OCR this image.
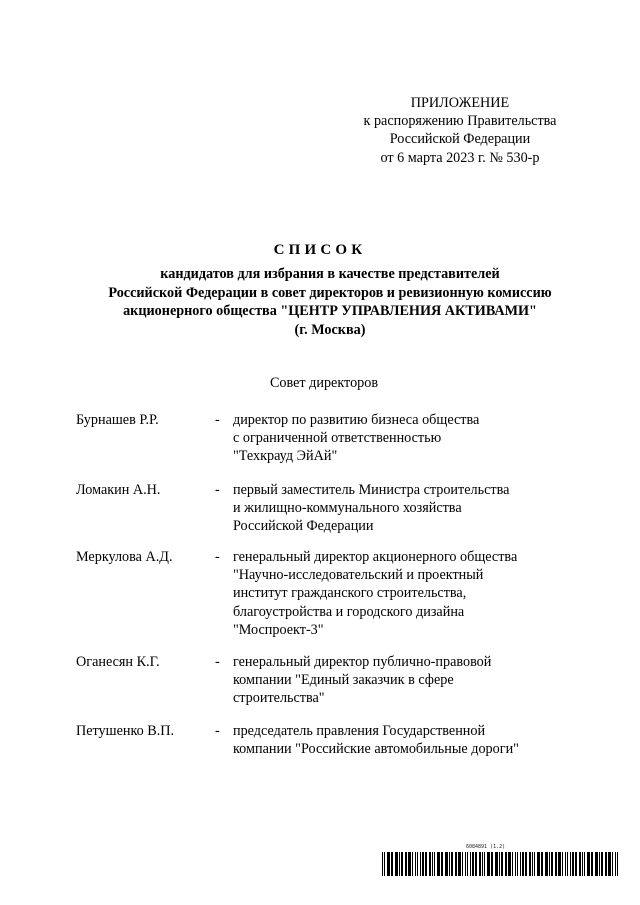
ПРИЛОЖЕНИЕ
к распоряжению Правительства
Российской Федерации
от 6 марта 2023 г. № 530-р
СПИСОК
кандидатов для избрания в качестве представителей
Российской Федерации в совет директоров и ревизионную комиссию
акционерного общества "ЦЕНТР УПРАВЛЕНИЯ АКТИВАМИ"
(г. Москва)
Совет директоров
Бурнашев Р.Р.	- директор по развитию бизнеса общества
с ограниченной ответственностью
"Техкрауд ЭйАй"
Ломакин А.Н.	- первый заместитель Министра строительства
и жилищно-коммунального хозяйства
Российской Федерации
Меркулова А.Д.	- генеральный директор акционерного общества
"Научно-исследовательский и проектный
институт гражданского строительства,
благоустройства и городского дизайна
"Моспроект-3"
Оганесян К.Г.	- генеральный директор публично-правовой
компании "Единый заказчик в сфере
строительства"
Петушенко В.П.	- председатель правления Государственной
компании "Российские автомобильные дороги"
6084891 (1.2)
